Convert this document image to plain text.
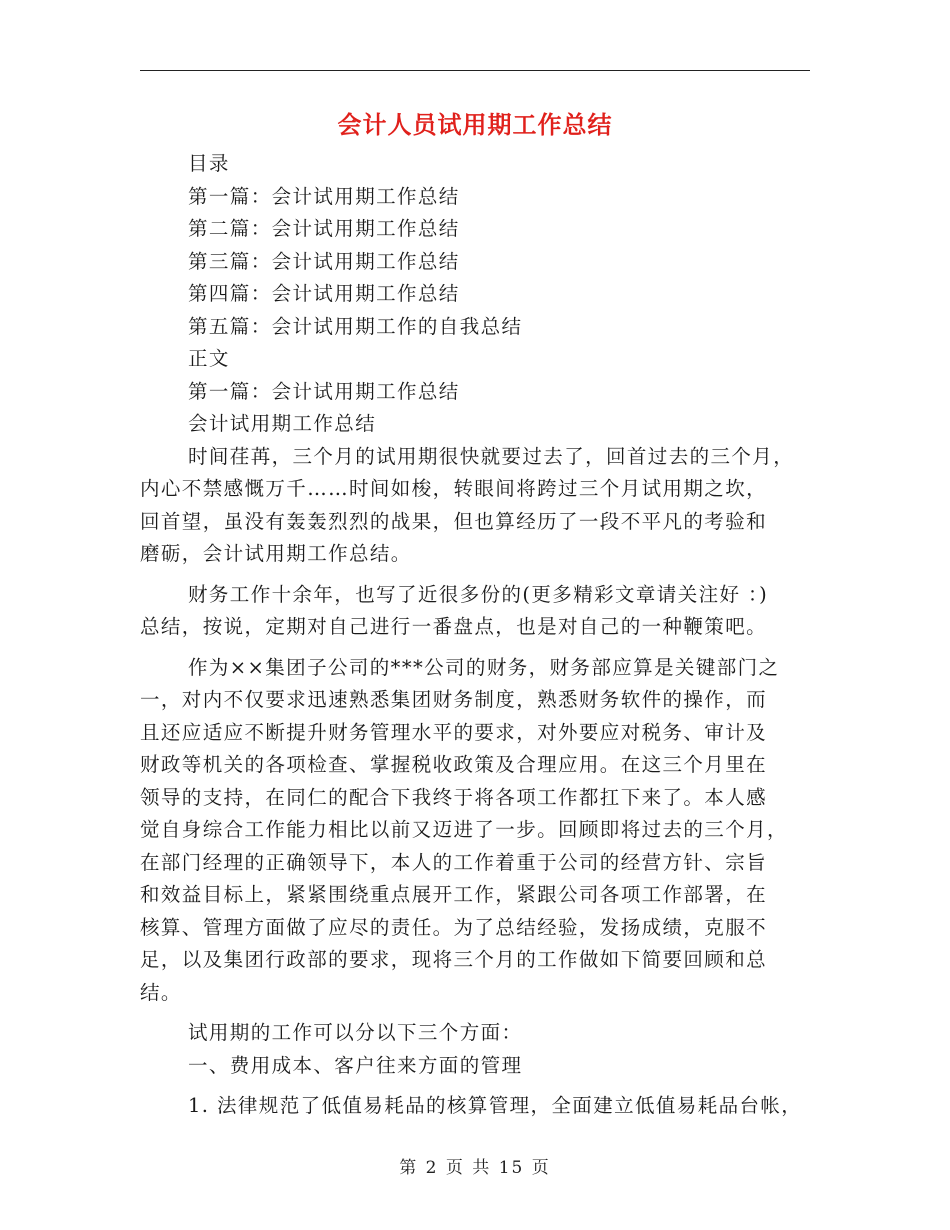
会计人员试用期工作总结
目录
第一篇：会计试用期工作总结
第二篇：会计试用期工作总结
第三篇：会计试用期工作总结
第四篇：会计试用期工作总结
第五篇：会计试用期工作的自我总结
正文
第一篇：会计试用期工作总结
会计试用期工作总结
时间荏苒，三个月的试用期很快就要过去了，回首过去的三个月，
内心不禁感慨万千……时间如梭，转眼间将跨过三个月试用期之坎，
回首望，虽没有轰轰烈烈的战果，但也算经历了一段不平凡的考验和
磨砺，会计试用期工作总结。
财务工作十余年，也写了近很多份的(更多精彩文章请关注好 ：)
总结，按说，定期对自己进行一番盘点，也是对自己的一种鞭策吧。
作为××集团子公司的***公司的财务，财务部应算是关键部门之
一，对内不仅要求迅速熟悉集团财务制度，熟悉财务软件的操作，而
且还应适应不断提升财务管理水平的要求，对外要应对税务、审计及
财政等机关的各项检查、掌握税收政策及合理应用。在这三个月里在
领导的支持，在同仁的配合下我终于将各项工作都扛下来了。本人感
觉自身综合工作能力相比以前又迈进了一步。回顾即将过去的三个月，
在部门经理的正确领导下，本人的工作着重于公司的经营方针、宗旨
和效益目标上，紧紧围绕重点展开工作，紧跟公司各项工作部署，在
核算、管理方面做了应尽的责任。为了总结经验，发扬成绩，克服不
足，以及集团行政部的要求，现将三个月的工作做如下简要回顾和总
结。
试用期的工作可以分以下三个方面：
一、费用成本、客户往来方面的管理
1. 法律规范了低值易耗品的核算管理，全面建立低值易耗品台帐，
第 2 页 共 15 页
